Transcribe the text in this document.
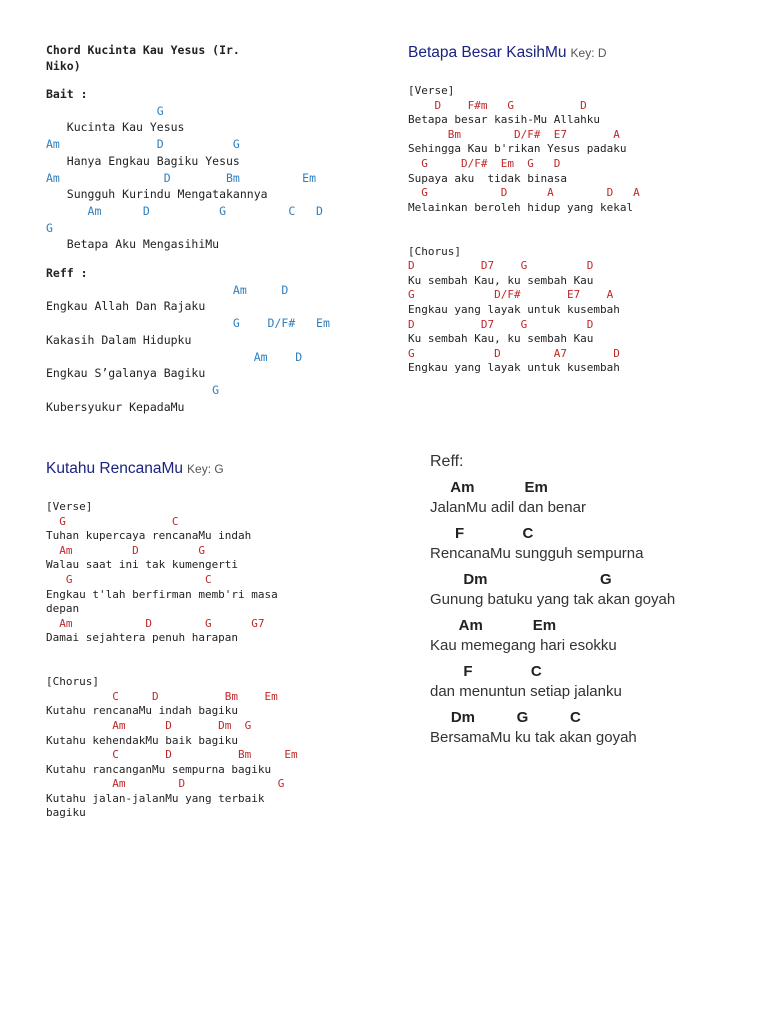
Chord Kucinta Kau Yesus (Ir.
Niko)
Bait :
G
Kucinta Kau Yesus
Am              D          G
Hanya Engkau Bagiku Yesus
Am               D        Bm         Em
Sungguh Kurindu Mengatakannya
Am      D          G         C   D
G
Betapa Aku MengasihiMu
Reff :
Am     D
Engkau Allah Dan Rajaku
G    D/F#   Em
Kakasih Dalam Hidupku
Am    D
Engkau S’galanya Bagiku
G
Kubersyukur KepadaMu
Betapa Besar KasihMu Key: D
[Verse]
D    F#m   G          D
Betapa besar kasih-Mu Allahku
Bm        D/F#  E7       A
Sehingga Kau b'rikan Yesus padaku
G     D/F#  Em  G   D
Supaya aku  tidak binasa
G           D      A        D   A
Melainkan beroleh hidup yang kekal

[Chorus]
D          D7    G         D
Ku sembah Kau, ku sembah Kau
G            D/F#       E7    A
Engkau yang layak untuk kusembah
D          D7    G         D
Ku sembah Kau, ku sembah Kau
G            D        A7       D
Engkau yang layak untuk kusembah
Kutahu RencanaMu Key: G
[Verse]
G                C
Tuhan kupercaya rencanaMu indah
Am         D         G
Walau saat ini tak kumengerti
G                    C
Engkau t'lah berfirman memb'ri masa
depan
Am           D        G      G7
Damai sejahtera penuh harapan

[Chorus]
C     D          Bm    Em
Kutahu rencanaMu indah bagiku
Am      D       Dm  G
Kutahu kehendakMu baik bagiku
C       D          Bm     Em
Kutahu rancanganMu sempurna bagiku
Am        D              G
Kutahu jalan-jalanMu yang terbaik
bagiku
Reff:
Am            Em
JalanMu adil dan benar
F              C
RencanaMu sungguh sempurna
Dm                           G
Gunung batuku yang tak akan goyah
Am            Em
Kau memegang hari esokku
F              C
dan menuntun setiap jalanku
Dm          G          C
BersamaMu ku tak akan goyah
